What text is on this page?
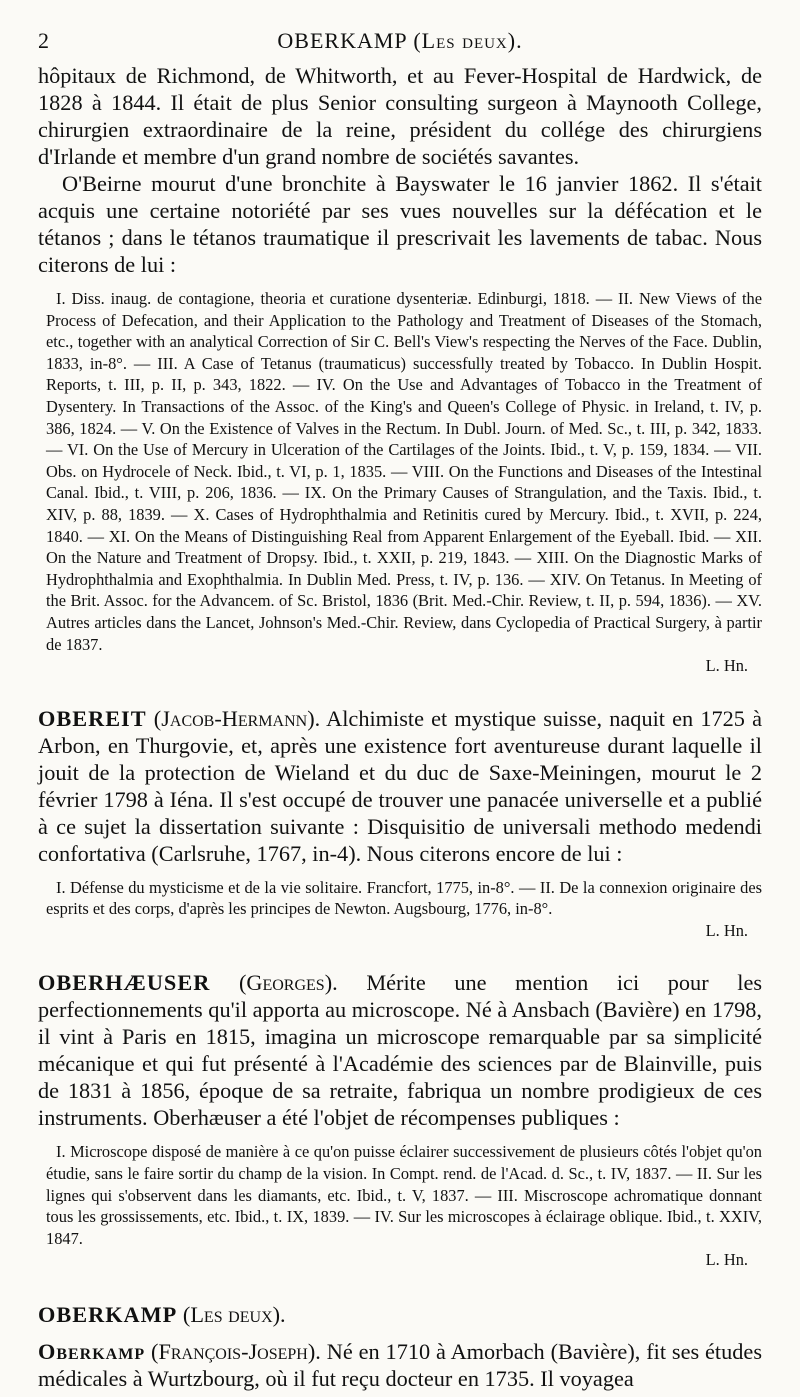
2	OBERKAMP (Les deux).

hôpitaux de Richmond, de Whitworth, et au Fever-Hospital de Hardwick, de 1828 à 1844. Il était de plus Senior consulting surgeon à Maynooth College, chirurgien extraordinaire de la reine, président du collége des chirurgiens d'Irlande et membre d'un grand nombre de sociétés savantes.

O'Beirne mourut d'une bronchite à Bayswater le 16 janvier 1862. Il s'était acquis une certaine notoriété par ses vues nouvelles sur la défécation et le tétanos ; dans le tétanos traumatique il prescrivait les lavements de tabac. Nous citerons de lui :

I. Diss. inaug. de contagione, theoria et curatione dysenteriæ. Edinburgi, 1818. — II. New Views of the Process of Defecation, and their Application to the Pathology and Treatment of Diseases of the Stomach, etc., together with an analytical Correction of Sir C. Bell's View's respecting the Nerves of the Face. Dublin, 1833, in-8°. — III. A Case of Tetanus (traumaticus) successfully treated by Tobacco. In Dublin Hospit. Reports, t. III, p. II, p. 343, 1822. — IV. On the Use and Advantages of Tobacco in the Treatment of Dysentery. In Transactions of the Assoc. of the King's and Queen's College of Physic. in Ireland, t. IV, p. 386, 1824. — V. On the Existence of Valves in the Rectum. In Dubl. Journ. of Med. Sc., t. III, p. 342, 1833. — VI. On the Use of Mercury in Ulceration of the Cartilages of the Joints. Ibid., t. V, p. 159, 1834. — VII. Obs. on Hydrocele of Neck. Ibid., t. VI, p. 1, 1835. — VIII. On the Functions and Diseases of the Intestinal Canal. Ibid., t. VIII, p. 206, 1836. — IX. On the Primary Causes of Strangulation, and the Taxis. Ibid., t. XIV, p. 88, 1839. — X. Cases of Hydrophthalmia and Retinitis cured by Mercury. Ibid., t. XVII, p. 224, 1840. — XI. On the Means of Distinguishing Real from Apparent Enlargement of the Eyeball. Ibid. — XII. On the Nature and Treatment of Dropsy. Ibid., t. XXII, p. 219, 1843. — XIII. On the Diagnostic Marks of Hydrophthalmia and Exophthalmia. In Dublin Med. Press, t. IV, p. 136. — XIV. On Tetanus. In Meeting of the Brit. Assoc. for the Advancem. of Sc. Bristol, 1836 (Brit. Med.-Chir. Review, t. II, p. 594, 1836). — XV. Autres articles dans the Lancet, Johnson's Med.-Chir. Review, dans Cyclopedia of Practical Surgery, à partir de 1837.
L. Hn.

OBEREIT (Jacob-Hermann). Alchimiste et mystique suisse, naquit en 1725 à Arbon, en Thurgovie, et, après une existence fort aventureuse durant laquelle il jouit de la protection de Wieland et du duc de Saxe-Meiningen, mourut le 2 février 1798 à Iéna. Il s'est occupé de trouver une panacée universelle et a publié à ce sujet la dissertation suivante : Disquisitio de universali methodo medendi confortativa (Carlsruhe, 1767, in-4). Nous citerons encore de lui :

I. Défense du mysticisme et de la vie solitaire. Francfort, 1775, in-8°. — II. De la connexion originaire des esprits et des corps, d'après les principes de Newton. Augsbourg, 1776, in-8°.
L. Hn.

OBERHÆUSER (Georges). Mérite une mention ici pour les perfectionnements qu'il apporta au microscope. Né à Ansbach (Bavière) en 1798, il vint à Paris en 1815, imagina un microscope remarquable par sa simplicité mécanique et qui fut présenté à l'Académie des sciences par de Blainville, puis de 1831 à 1856, époque de sa retraite, fabriqua un nombre prodigieux de ces instruments. Oberhæuser a été l'objet de récompenses publiques :

I. Microscope disposé de manière à ce qu'on puisse éclairer successivement de plusieurs côtés l'objet qu'on étudie, sans le faire sortir du champ de la vision. In Compt. rend. de l'Acad. d. Sc., t. IV, 1837. — II. Sur les lignes qui s'observent dans les diamants, etc. Ibid., t. V, 1837. — III. Miscroscope achromatique donnant tous les grossissements, etc. Ibid., t. IX, 1839. — IV. Sur les microscopes à éclairage oblique. Ibid., t. XXIV, 1847.
L. Hn.

OBERKAMP (Les deux).

Oberkamp (François-Joseph). Né en 1710 à Amorbach (Bavière), fit ses études médicales à Wurtzbourg, où il fut reçu docteur en 1735. Il voyagea
